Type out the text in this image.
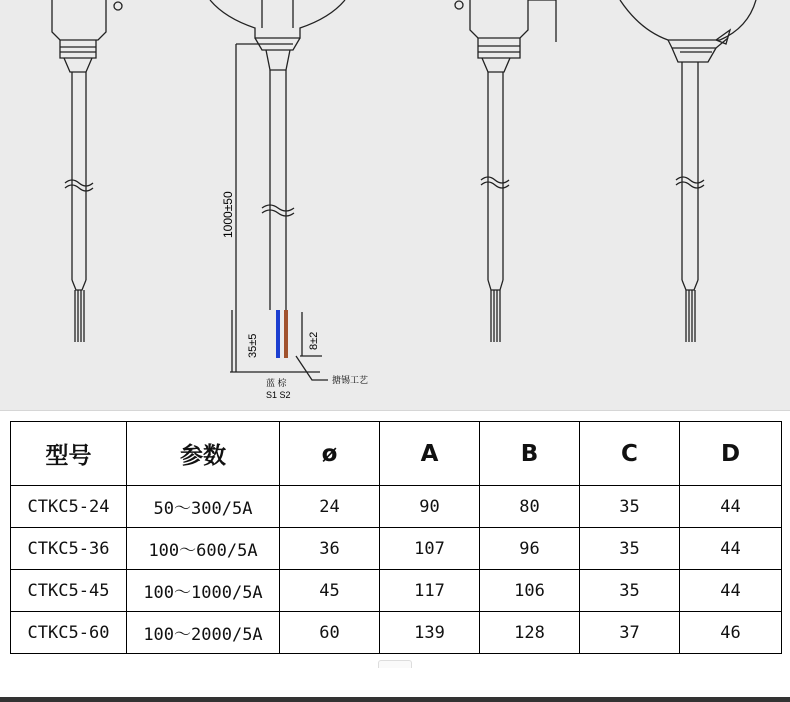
1000±50
35±5	8±2
搪锡工艺
蓝 棕
S1 S2
型号	参数	ø	A	B	C	D
CTKC5-24	50～300/5A	24	90	80	35	44
CTKC5-36	100～600/5A	36	107	96	35	44
CTKC5-45	100～1000/5A	45	117	106	35	44
CTKC5-60	100～2000/5A	60	139	128	37	46
